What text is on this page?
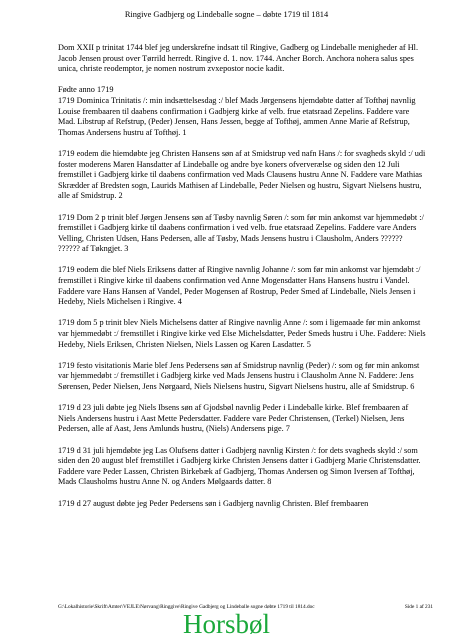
Ringive Gadbjerg og Lindeballe sogne – døbte 1719 til 1814

Dom XXII p trinitat 1744 blef jeg underskrefne indsatt til Ringive, Gadberg og Lindeballe menigheder af Hl. Jacob Jensen proust over Tørrild herredt. Ringive d. 1. nov. 1744. Ancher Borch. Anchora nohera salus spes unica, christe reodemptor, je nomen nostrum zvxepostor nocie kadit.

Fødte anno 1719
1719 Dominica Trinitatis /: min indsættelsesdag :/ blef Mads Jørgensens hjemdøbte datter af Tofthøj navnlig Louise frembaaren til daabens confirmation i Gadbjerg kirke af velb. frue etatsraad Zepelins. Faddere vare Mad. Libstrup af Refstrup, (Peder) Jensen, Hans Jessen, begge af Tofthøj, ammen Anne Marie af Refstrup, Thomas Andersens hustru af Tofthøj. 1

1719 eodem die hiemdøbte jeg Christen Hansens søn af at Smidstrup ved nafn Hans /: for svagheds skyld :/ udi foster moderens Maren Hansdatter af Lindeballe og andre bye koners ofververælse og siden den 12 Juli fremstillet i Gadbjerg kirke til daabens confirmation ved Mads Clausens hustru Anne N. Faddere vare Mathias Skrædder af Bredsten sogn, Laurids Mathisen af Lindeballe, Peder Nielsen og hustru, Sigvart Nielsens hustru, alle af Smidstrup. 2

1719 Dom 2 p trinit blef Jørgen Jensens søn af Tøsby navnlig Søren /: som før min ankomst var hjemmedøbt :/ fremstillet i Gadbjerg kirke til daabens confirmation i ved velb. frue etatsraad Zepelins. Faddere vare Anders Velling, Christen Udsen, Hans Pedersen, alle af Tøsby, Mads Jensens hustru i Clausholm, Anders ?????? ?????? af Tøkngjet. 3

1719 eodem die blef Niels Eriksens datter af Ringive navnlig Johanne /: som før min ankomst var hjemdøbt :/ fremstillet i Ringive kirke til daabens confirmation ved Anne Mogensdatter Hans Hansens hustru i Vandel. Faddere vare Hans Hansen af Vandel, Peder Mogensen af Rostrup, Peder Smed af Lindeballe, Niels Jensen i Hedeby, Niels Michelsen i Ringive. 4

1719 dom 5 p trinit blev Niels Michelsens datter af Ringive navnlig Anne /: som i ligemaade før min ankomst var hjemmedøbt :/ fremstillet i Ringive kirke ved Else Michelsdatter, Peder Smeds hustru i Uhe. Faddere: Niels Hedeby, Niels Eriksen, Christen Nielsen, Niels Lassen og Karen Lasdatter. 5

1719 festo visitationis Marie blef Jens Pedersens søn af Smidstrup navnlig (Peder) /: som og før min ankomst var hjemmedøbt :/ fremstillet i Gadbjerg kirke ved Mads Jensens hustru i Clausholm Anne N. Faddere: Jens Sørensen, Peder Nielsen, Jens Nørgaard, Niels Nielsens hustru, Sigvart Nielsens hustru, alle af Smidstrup. 6

1719 d 23 juli døbte jeg Niels Ibsens søn af Gjodsbøl navnlig Peder i Lindeballe kirke. Blef frembaaren af Niels Andersens hustru i Aast Mette Pedersdatter. Faddere vare Peder Christensen, (Terkel) Nielsen, Jens Pedersen, alle af Aast, Jens Amlunds hustru, (Niels) Andersens pige. 7

1719 d 31 juli hjemdøbte jeg Las Olufsens datter i Gadbjerg navnlig Kirsten /: for dets svagheds skyld :/ som siden den 20 august blef fremstillet i Gadbjerg kirke Christen Jensens datter i Gadbjerg Marie Christensdatter. Faddere vare Peder Lassen, Christen Birkebæk af Gadbjerg, Thomas Andersen og Simon Iversen af Tofthøj, Mads Clausholms hustru Anne N. og Anders Mølgaards datter. 8

1719 d 27 august døbte jeg Peder Pedersens søn i Gadbjerg navnlig Christen. Blef frembaaren

G:\Lokalhistorie\Skrift\Amter\VEJLE\Nørvang\Ringgive\Ringive Gadbjerg og Lindeballe sogne døbte 1719 til 1814.doc	Side 1 af 231
Horsbøl
